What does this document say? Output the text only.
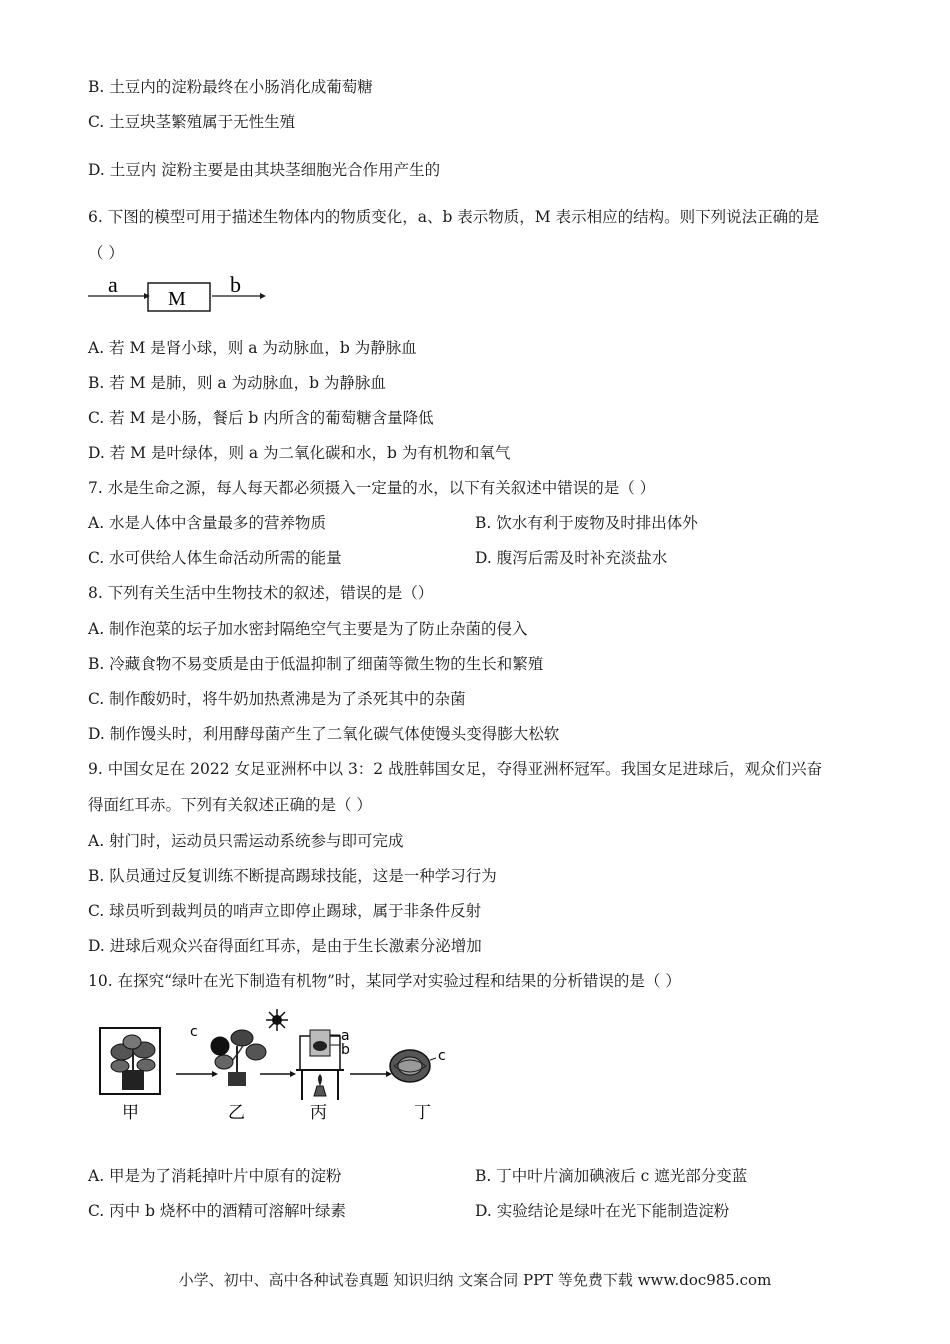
B. 土豆内的淀粉最终在小肠消化成葡萄糖
C. 土豆块茎繁殖属于无性生殖
D. 土豆内 淀粉主要是由其块茎细胞光合作用产生的
6. 下图的模型可用于描述生物体内的物质变化，a、b 表示物质，M 表示相应的结构。则下列说法正确的是
（ ）
a
M
b
A. 若 M 是肾小球，则 a 为动脉血，b 为静脉血
B. 若 M 是肺，则 a 为动脉血，b 为静脉血
C. 若 M 是小肠，餐后 b 内所含的葡萄糖含量降低
D. 若 M 是叶绿体，则 a 为二氧化碳和水，b 为有机物和氧气
7. 水是生命之源，每人每天都必须摄入一定量的水，以下有关叙述中错误的是（ ）
A. 水是人体中含量最多的营养物质	B. 饮水有利于废物及时排出体外
C. 水可供给人体生命活动所需的能量	D. 腹泻后需及时补充淡盐水
8. 下列有关生活中生物技术的叙述，错误的是（）
A. 制作泡菜的坛子加水密封隔绝空气主要是为了防止杂菌的侵入
B. 冷藏食物不易变质是由于低温抑制了细菌等微生物的生长和繁殖
C. 制作酸奶时，将牛奶加热煮沸是为了杀死其中的杂菌
D. 制作馒头时，利用酵母菌产生了二氧化碳气体使馒头变得膨大松软
9. 中国女足在 2022 女足亚洲杯中以 3：2 战胜韩国女足，夺得亚洲杯冠军。我国女足进球后，观众们兴奋
得面红耳赤。下列有关叙述正确的是（ ）
A. 射门时，运动员只需运动系统参与即可完成
B. 队员通过反复训练不断提高踢球技能，这是一种学习行为
C. 球员听到裁判员的哨声立即停止踢球，属于非条件反射
D. 进球后观众兴奋得面红耳赤，是由于生长激素分泌增加
10. 在探究“绿叶在光下制造有机物”时，某同学对实验过程和结果的分析错误的是（ ）
c	a
b	c
甲	乙	丙	丁
A. 甲是为了消耗掉叶片中原有的淀粉	B. 丁中叶片滴加碘液后 c 遮光部分变蓝
C. 丙中 b 烧杯中的酒精可溶解叶绿素	D. 实验结论是绿叶在光下能制造淀粉
小学、初中、高中各种试卷真题 知识归纳 文案合同 PPT 等免费下载 www.doc985.com
